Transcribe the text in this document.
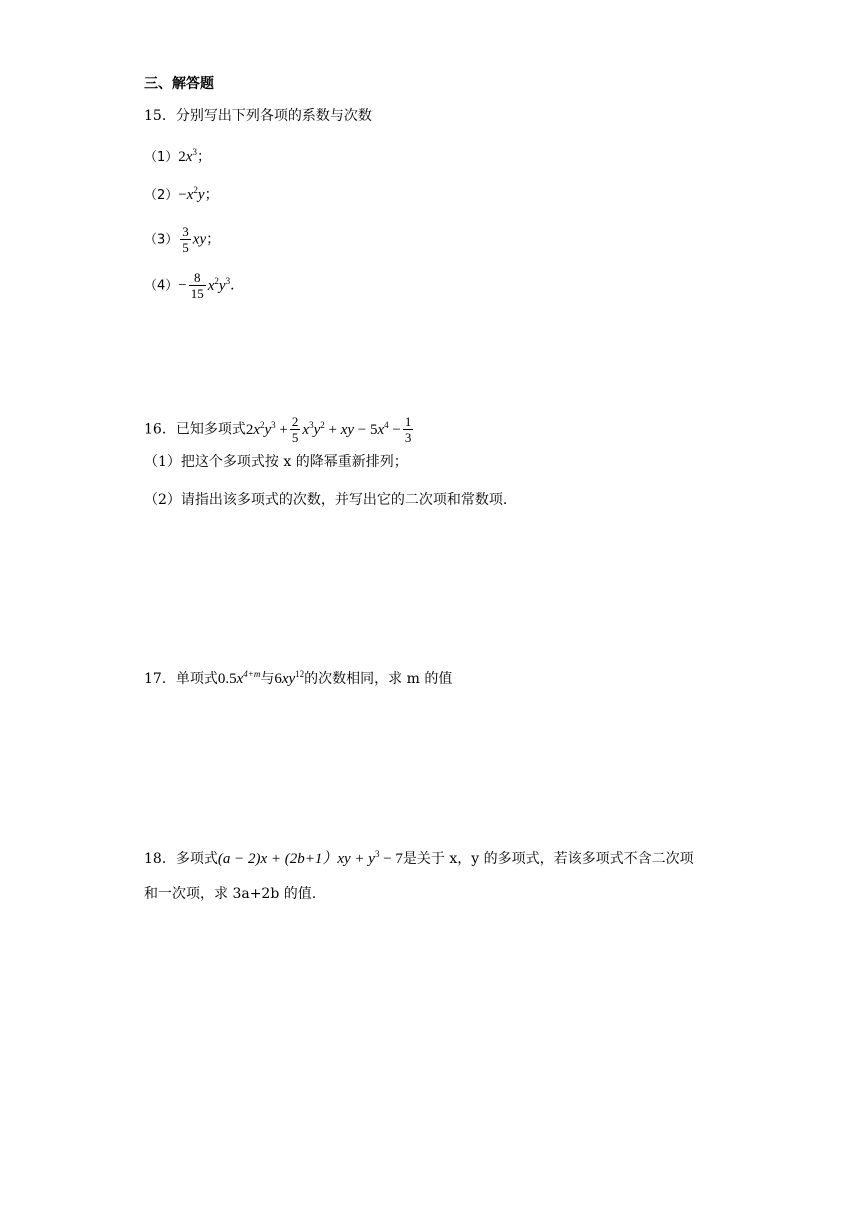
三、解答题
15．分别写出下列各项的系数与次数
$(1)2x^3$；
$(2)-x^2y$；
$(3) \frac{3}{5}$ xy；
$(4)- \frac{8}{15} x^2y^3$．
16．已知多项式$2x^2y^3 + \frac{2}{5} x^3y^2$ + xy − $5x^4 - \frac{1}{3}$
（1）把这个多项式按 x 的降幂重新排列；
（2）请指出该多项式的次数，并写出它的二次项和常数项.
17．单项式$0.5x^{4+m}$与$6xy^{12}$的次数相同，求 m 的值
18．多项式$(a - 2)x + (2b+1)xy + y^3 - 7$是关于 x，y 的多项式，若该多项式不含二次项
和一次项，求 3a+2b 的值.
